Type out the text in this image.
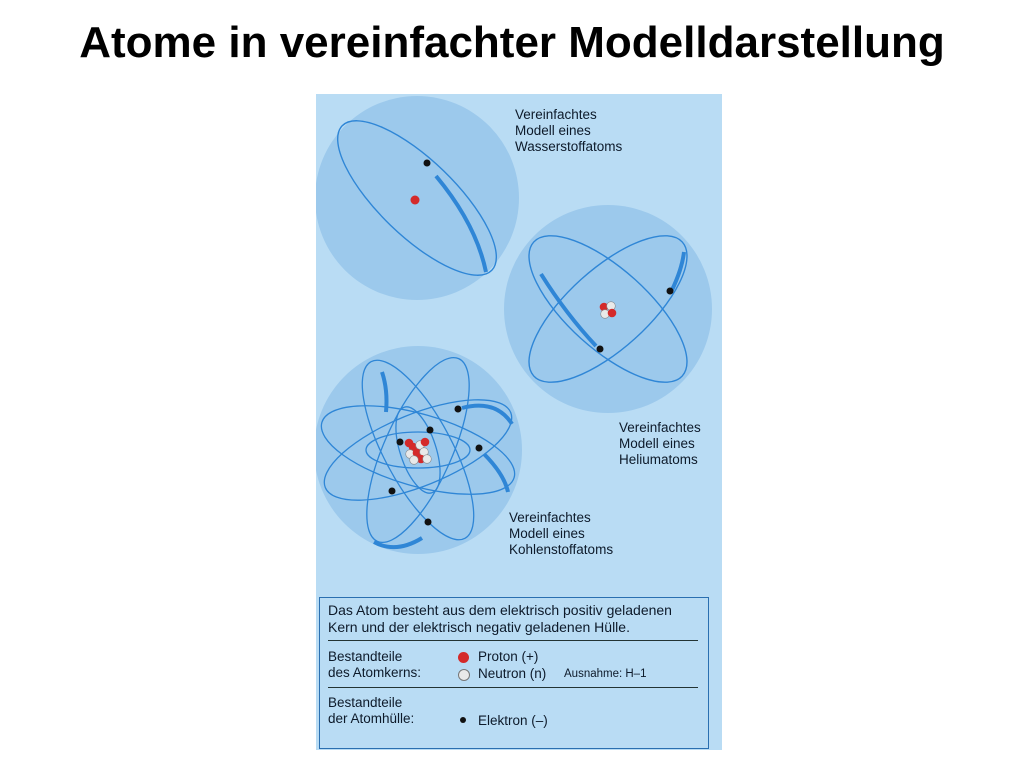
Atome in vereinfachter Modelldarstellung
Vereinfachtes
Modell eines
Wasserstoffatoms
Vereinfachtes
Modell eines
Heliumatoms
Vereinfachtes
Modell eines
Kohlenstoffatoms
Das Atom besteht aus dem elektrisch positiv geladenen
Kern und der elektrisch negativ geladenen Hülle.
Bestandteile
des Atomkerns:
Proton (+)
Neutron (n) Ausnahme: H–1
Bestandteile
der Atomhülle:	Elektron (–)
